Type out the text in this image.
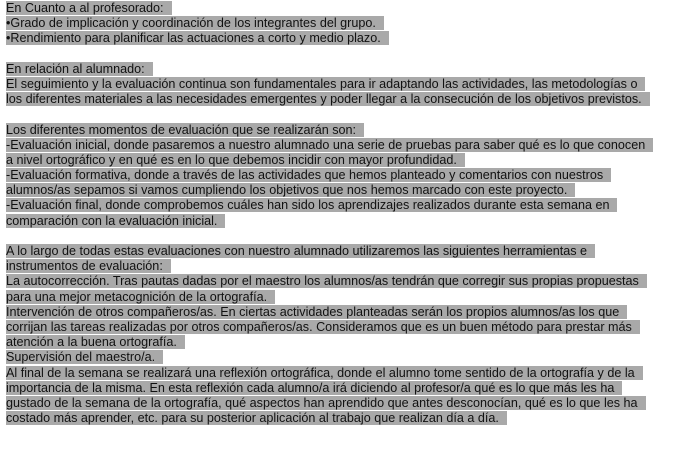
En Cuanto a al profesorado:
•Grado de implicación y coordinación de los integrantes del grupo.
•Rendimiento para planificar las actuaciones a corto y medio plazo.
En relación al alumnado:
El seguimiento y la evaluación continua son fundamentales para ir adaptando las actividades, las metodologías o
los diferentes materiales a las necesidades emergentes y poder llegar a la consecución de los objetivos previstos.
Los diferentes momentos de evaluación que se realizarán son:
-Evaluación inicial, donde pasaremos a nuestro alumnado una serie de pruebas para saber qué es lo que conocen
a nivel ortográfico y en qué es en lo que debemos incidir con mayor profundidad.
-Evaluación formativa, donde a través de las actividades que hemos planteado y comentarios con nuestros
alumnos/as sepamos si vamos cumpliendo los objetivos que nos hemos marcado con este proyecto.
-Evaluación final, donde comprobemos cuáles han sido los aprendizajes realizados durante esta semana en
comparación con la evaluación inicial.
A lo largo de todas estas evaluaciones con nuestro alumnado utilizaremos las siguientes herramientas e
instrumentos de evaluación:
La autocorrección. Tras pautas dadas por el maestro los alumnos/as tendrán que corregir sus propias propuestas
para una mejor metacognición de la ortografía.
Intervención de otros compañeros/as. En ciertas actividades planteadas serán los propios alumnos/as los que
corrijan las tareas realizadas por otros compañeros/as. Consideramos que es un buen método para prestar más
atención a la buena ortografía.
Supervisión del maestro/a.
Al final de la semana se realizará una reflexión ortográfica, donde el alumno tome sentido de la ortografía y de la
importancia de la misma. En esta reflexión cada alumno/a irá diciendo al profesor/a qué es lo que más les ha
gustado de la semana de la ortografía, qué aspectos han aprendido que antes desconocían, qué es lo que les ha
costado más aprender, etc. para su posterior aplicación al trabajo que realizan día a día.
